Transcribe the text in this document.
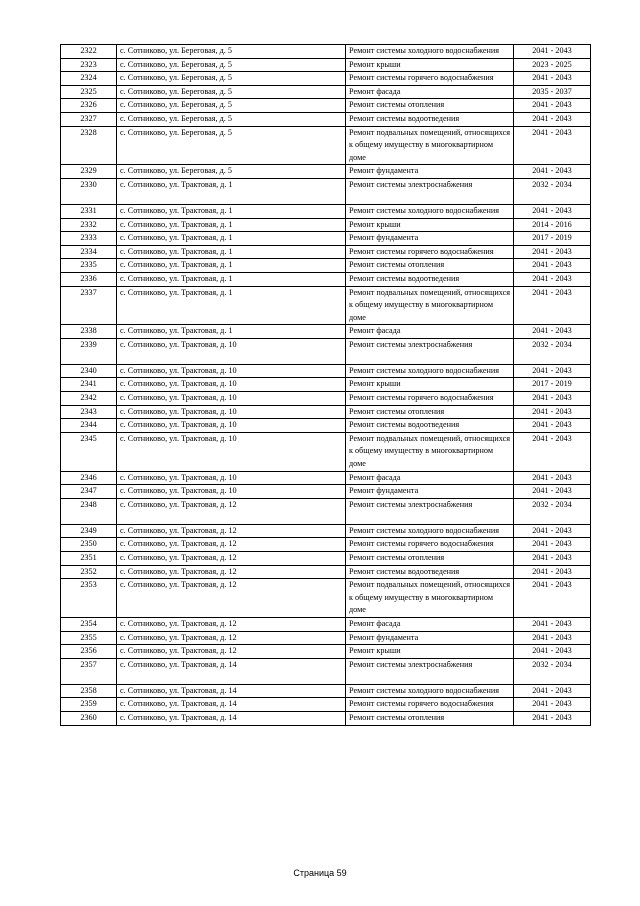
2322	с. Сотниково, ул. Береговая, д. 5	Ремонт системы холодного водоснабжения	2041 - 2043
2323	с. Сотниково, ул. Береговая, д. 5	Ремонт крыши	2023 - 2025
2324	с. Сотниково, ул. Береговая, д. 5	Ремонт системы горячего водоснабжения	2041 - 2043
2325	с. Сотниково, ул. Береговая, д. 5	Ремонт фасада	2035 - 2037
2326	с. Сотниково, ул. Береговая, д. 5	Ремонт системы отопления	2041 - 2043
2327	с. Сотниково, ул. Береговая, д. 5	Ремонт системы водоотведения	2041 - 2043
2328	с. Сотниково, ул. Береговая, д. 5	Ремонт подвальных помещений, относящихся к общему имуществу в многоквартирном доме	2041 - 2043
2329	с. Сотниково, ул. Береговая, д. 5	Ремонт фундамента	2041 - 2043
2330	с. Сотниково, ул. Трактовая, д. 1	Ремонт системы электроснабжения	2032 - 2034
2331	с. Сотниково, ул. Трактовая, д. 1	Ремонт системы холодного водоснабжения	2041 - 2043
2332	с. Сотниково, ул. Трактовая, д. 1	Ремонт крыши	2014 - 2016
2333	с. Сотниково, ул. Трактовая, д. 1	Ремонт фундамента	2017 - 2019
2334	с. Сотниково, ул. Трактовая, д. 1	Ремонт системы горячего водоснабжения	2041 - 2043
2335	с. Сотниково, ул. Трактовая, д. 1	Ремонт системы отопления	2041 - 2043
2336	с. Сотниково, ул. Трактовая, д. 1	Ремонт системы водоотведения	2041 - 2043
2337	с. Сотниково, ул. Трактовая, д. 1	Ремонт подвальных помещений, относящихся к общему имуществу в многоквартирном доме	2041 - 2043
2338	с. Сотниково, ул. Трактовая, д. 1	Ремонт фасада	2041 - 2043
2339	с. Сотниково, ул. Трактовая, д. 10	Ремонт системы электроснабжения	2032 - 2034
2340	с. Сотниково, ул. Трактовая, д. 10	Ремонт системы холодного водоснабжения	2041 - 2043
2341	с. Сотниково, ул. Трактовая, д. 10	Ремонт крыши	2017 - 2019
2342	с. Сотниково, ул. Трактовая, д. 10	Ремонт системы горячего водоснабжения	2041 - 2043
2343	с. Сотниково, ул. Трактовая, д. 10	Ремонт системы отопления	2041 - 2043
2344	с. Сотниково, ул. Трактовая, д. 10	Ремонт системы водоотведения	2041 - 2043
2345	с. Сотниково, ул. Трактовая, д. 10	Ремонт подвальных помещений, относящихся к общему имуществу в многоквартирном доме	2041 - 2043
2346	с. Сотниково, ул. Трактовая, д. 10	Ремонт фасада	2041 - 2043
2347	с. Сотниково, ул. Трактовая, д. 10	Ремонт фундамента	2041 - 2043
2348	с. Сотниково, ул. Трактовая, д. 12	Ремонт системы электроснабжения	2032 - 2034
2349	с. Сотниково, ул. Трактовая, д. 12	Ремонт системы холодного водоснабжения	2041 - 2043
2350	с. Сотниково, ул. Трактовая, д. 12	Ремонт системы горячего водоснабжения	2041 - 2043
2351	с. Сотниково, ул. Трактовая, д. 12	Ремонт системы отопления	2041 - 2043
2352	с. Сотниково, ул. Трактовая, д. 12	Ремонт системы водоотведения	2041 - 2043
2353	с. Сотниково, ул. Трактовая, д. 12	Ремонт подвальных помещений, относящихся к общему имуществу в многоквартирном доме	2041 - 2043
2354	с. Сотниково, ул. Трактовая, д. 12	Ремонт фасада	2041 - 2043
2355	с. Сотниково, ул. Трактовая, д. 12	Ремонт фундамента	2041 - 2043
2356	с. Сотниково, ул. Трактовая, д. 12	Ремонт крыши	2041 - 2043
2357	с. Сотниково, ул. Трактовая, д. 14	Ремонт системы электроснабжения	2032 - 2034
2358	с. Сотниково, ул. Трактовая, д. 14	Ремонт системы холодного водоснабжения	2041 - 2043
2359	с. Сотниково, ул. Трактовая, д. 14	Ремонт системы горячего водоснабжения	2041 - 2043
2360	с. Сотниково, ул. Трактовая, д. 14	Ремонт системы отопления	2041 - 2043
Страница 59
